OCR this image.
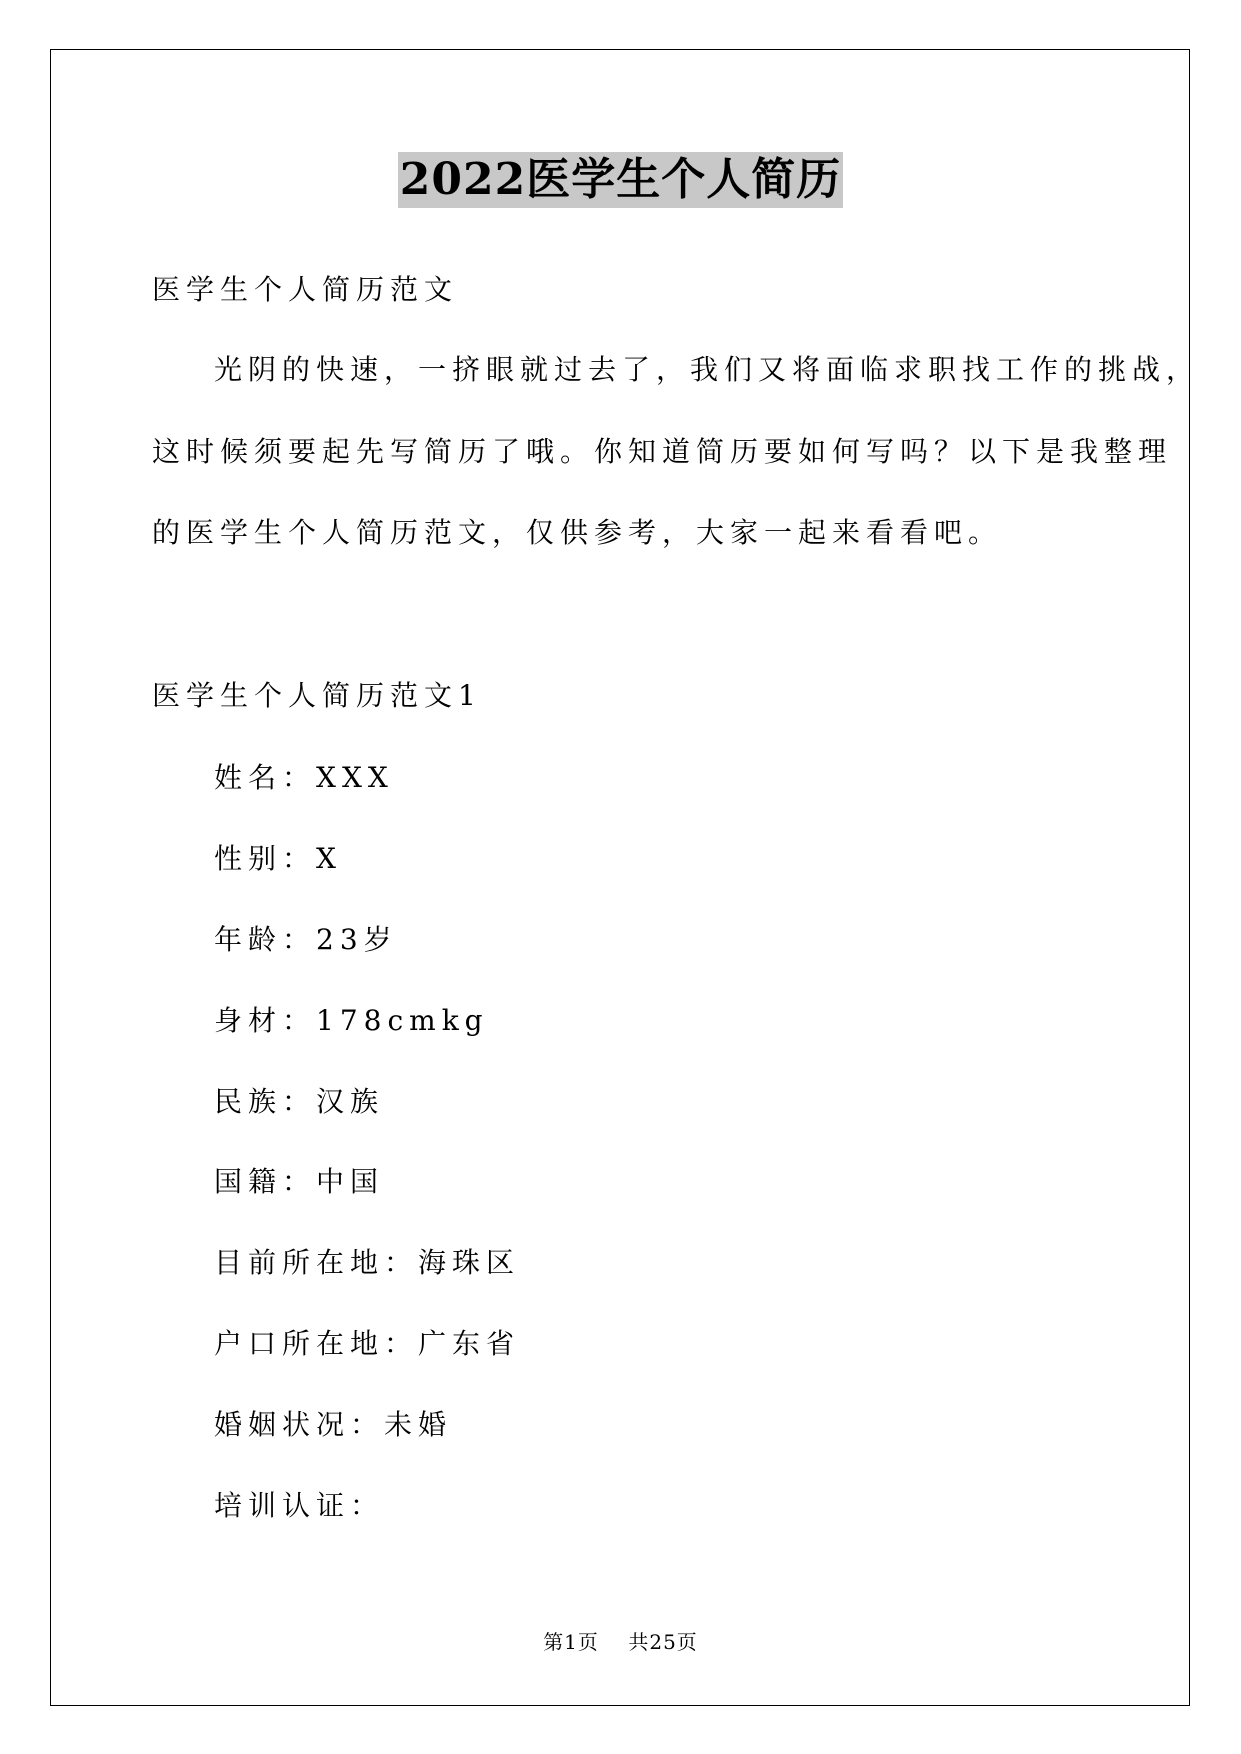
2022医学生个人简历
医学生个人简历范文
光阴的快速，一挤眼就过去了，我们又将面临求职找工作的挑战，
这时候须要起先写简历了哦。你知道简历要如何写吗？以下是我整理
的医学生个人简历范文，仅供参考，大家一起来看看吧。
医学生个人简历范文1
姓名：XXX
性别：X
年龄：23岁
身材：178cmkg
民族：汉族
国籍：中国
目前所在地：海珠区
户口所在地：广东省
婚姻状况：未婚
培训认证：
第1页 共25页
